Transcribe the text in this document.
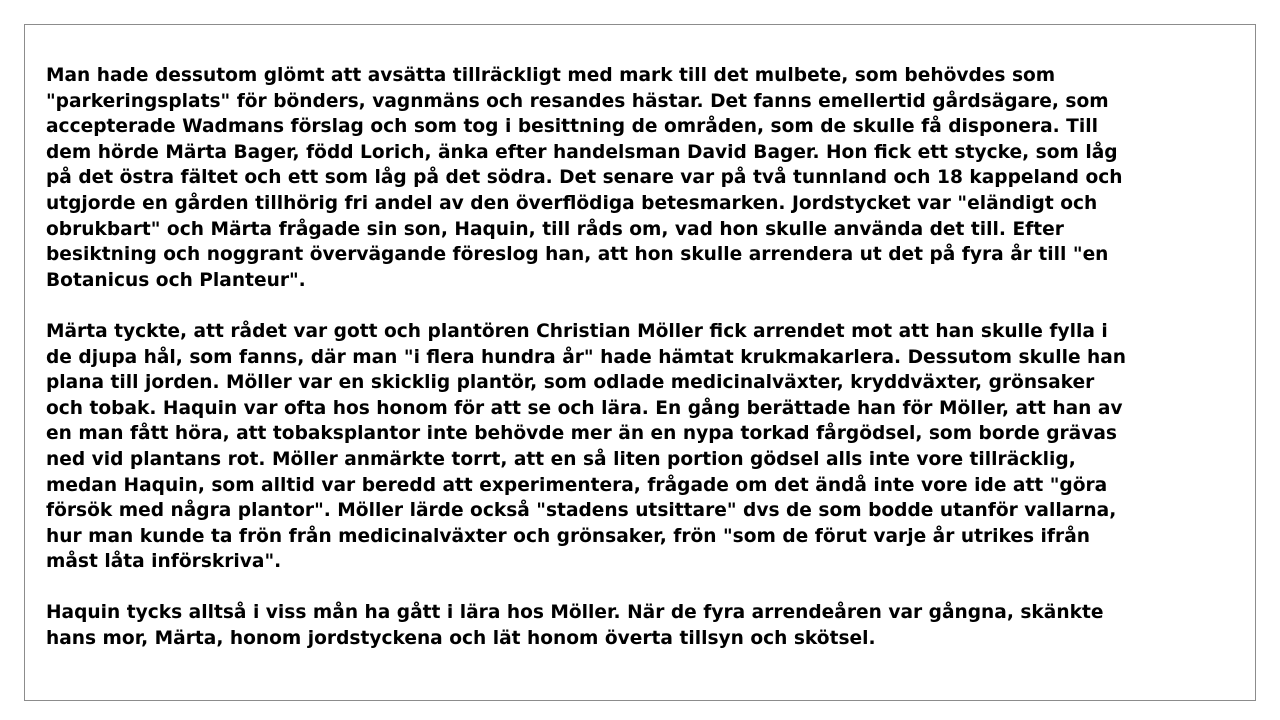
Man hade dessutom glömt att avsätta tillräckligt med mark till det mulbete, som behövdes som
"parkeringsplats" för bönders, vagnmäns och resandes hästar. Det fanns emellertid gårdsägare, som
accepterade Wadmans förslag och som tog i besittning de områden, som de skulle få disponera. Till
dem hörde Märta Bager, född Lorich, änka efter handelsman David Bager. Hon fick ett stycke, som låg
på det östra fältet och ett som låg på det södra. Det senare var på två tunnland och 18 kappeland och
utgjorde en gården tillhörig fri andel av den överflödiga betesmarken. Jordstycket var "eländigt och
obrukbart" och Märta frågade sin son, Haquin, till råds om, vad hon skulle använda det till. Efter
besiktning och noggrant övervägande föreslog han, att hon skulle arrendera ut det på fyra år till "en
Botanicus och Planteur".

Märta tyckte, att rådet var gott och plantören Christian Möller fick arrendet mot att han skulle fylla i
de djupa hål, som fanns, där man "i flera hundra år" hade hämtat krukmakarlera. Dessutom skulle han
plana till jorden. Möller var en skicklig plantör, som odlade medicinalväxter, kryddväxter, grönsaker
och tobak. Haquin var ofta hos honom för att se och lära. En gång berättade han för Möller, att han av
en man fått höra, att tobaksplantor inte behövde mer än en nypa torkad fårgödsel, som borde grävas
ned vid plantans rot. Möller anmärkte torrt, att en så liten portion gödsel alls inte vore tillräcklig,
medan Haquin, som alltid var beredd att experimentera, frågade om det ändå inte vore ide att "göra
försök med några plantor". Möller lärde också "stadens utsittare" dvs de som bodde utanför vallarna,
hur man kunde ta frön från medicinalväxter och grönsaker, frön "som de förut varje år utrikes ifrån
måst låta införskriva".

Haquin tycks alltså i viss mån ha gått i lära hos Möller. När de fyra arrendeåren var gångna, skänkte
hans mor, Märta, honom jordstyckena och lät honom överta tillsyn och skötsel.
